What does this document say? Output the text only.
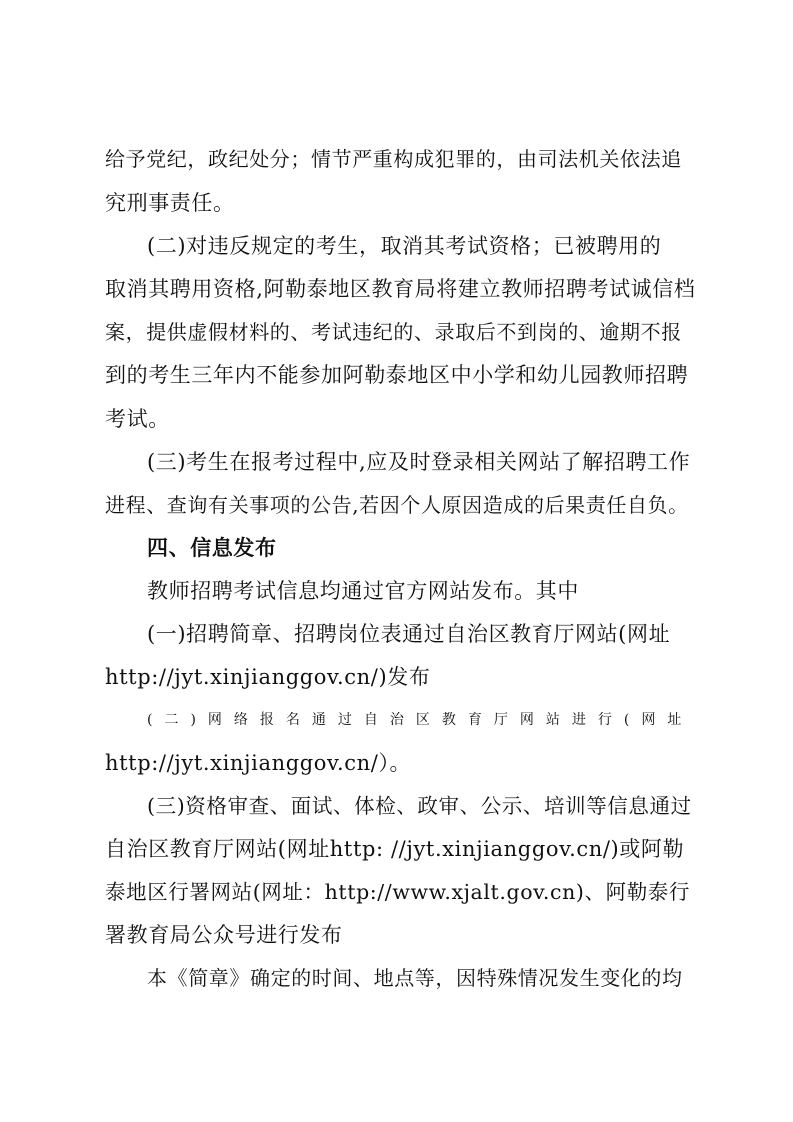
给予党纪，政纪处分；情节严重构成犯罪的，由司法机关依法追
究刑事责任。
(二)对违反规定的考生，取消其考试资格；已被聘用的
取消其聘用资格,阿勒泰地区教育局将建立教师招聘考试诚信档
案，提供虚假材料的、考试违纪的、录取后不到岗的、逾期不报
到的考生三年内不能参加阿勒泰地区中小学和幼儿园教师招聘
考试。
(三)考生在报考过程中,应及时登录相关网站了解招聘工作
进程、查询有关事项的公告,若因个人原因造成的后果责任自负。
四、信息发布
教师招聘考试信息均通过官方网站发布。其中
(一)招聘简章、招聘岗位表通过自治区教育厅网站(网址
http://jyt.xinjianggov.cn/)发布
(二)网络报名通过自治区教育厅网站进行(网址
http://jyt.xinjianggov.cn/）。
(三)资格审查、面试、体检、政审、公示、培训等信息通过
自治区教育厅网站(网址http: //jyt.xinjianggov.cn/)或阿勒
泰地区行署网站(网址：http://www.xjalt.gov.cn)、阿勒泰行
署教育局公众号进行发布
本《简章》确定的时间、地点等，因特殊情况发生变化的均
